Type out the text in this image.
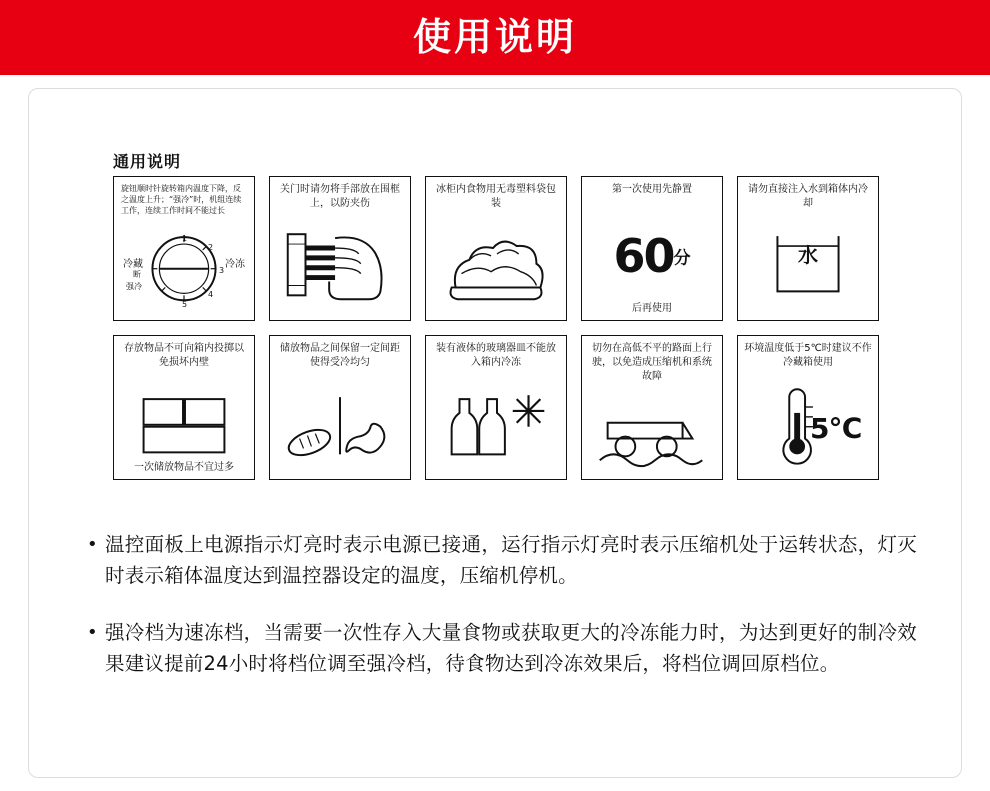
使用说明
通用说明
旋钮顺时针旋转箱内温度下降，反之温度上升；“强冷”时，机组连续工作，连续工作时间不能过长
冷藏	冷冻
断
强冷
1
2
3
4
5
关门时请勿将手部放在围框上，以防夹伤
冰柜内食物用无毒塑料袋包装
第一次使用先静置
60分
后再使用
请勿直接注入水到箱体内冷却
水
存放物品不可向箱内投掷以免损坏内壁
一次储放物品不宜过多
储放物品之间保留一定间距使得受冷均匀
装有液体的玻璃器皿不能放入箱内冷冻
切勿在高低不平的路面上行驶，以免造成压缩机和系统故障
环境温度低于5℃时建议不作冷藏箱使用
5℃
• 温控面板上电源指示灯亮时表示电源已接通，运行指示灯亮时表示压缩机处于运转状态，灯灭时表示箱体温度达到温控器设定的温度，压缩机停机。
• 强冷档为速冻档，当需要一次性存入大量食物或获取更大的冷冻能力时，为达到更好的制冷效果建议提前24小时将档位调至强冷档，待食物达到冷冻效果后，将档位调回原档位。
